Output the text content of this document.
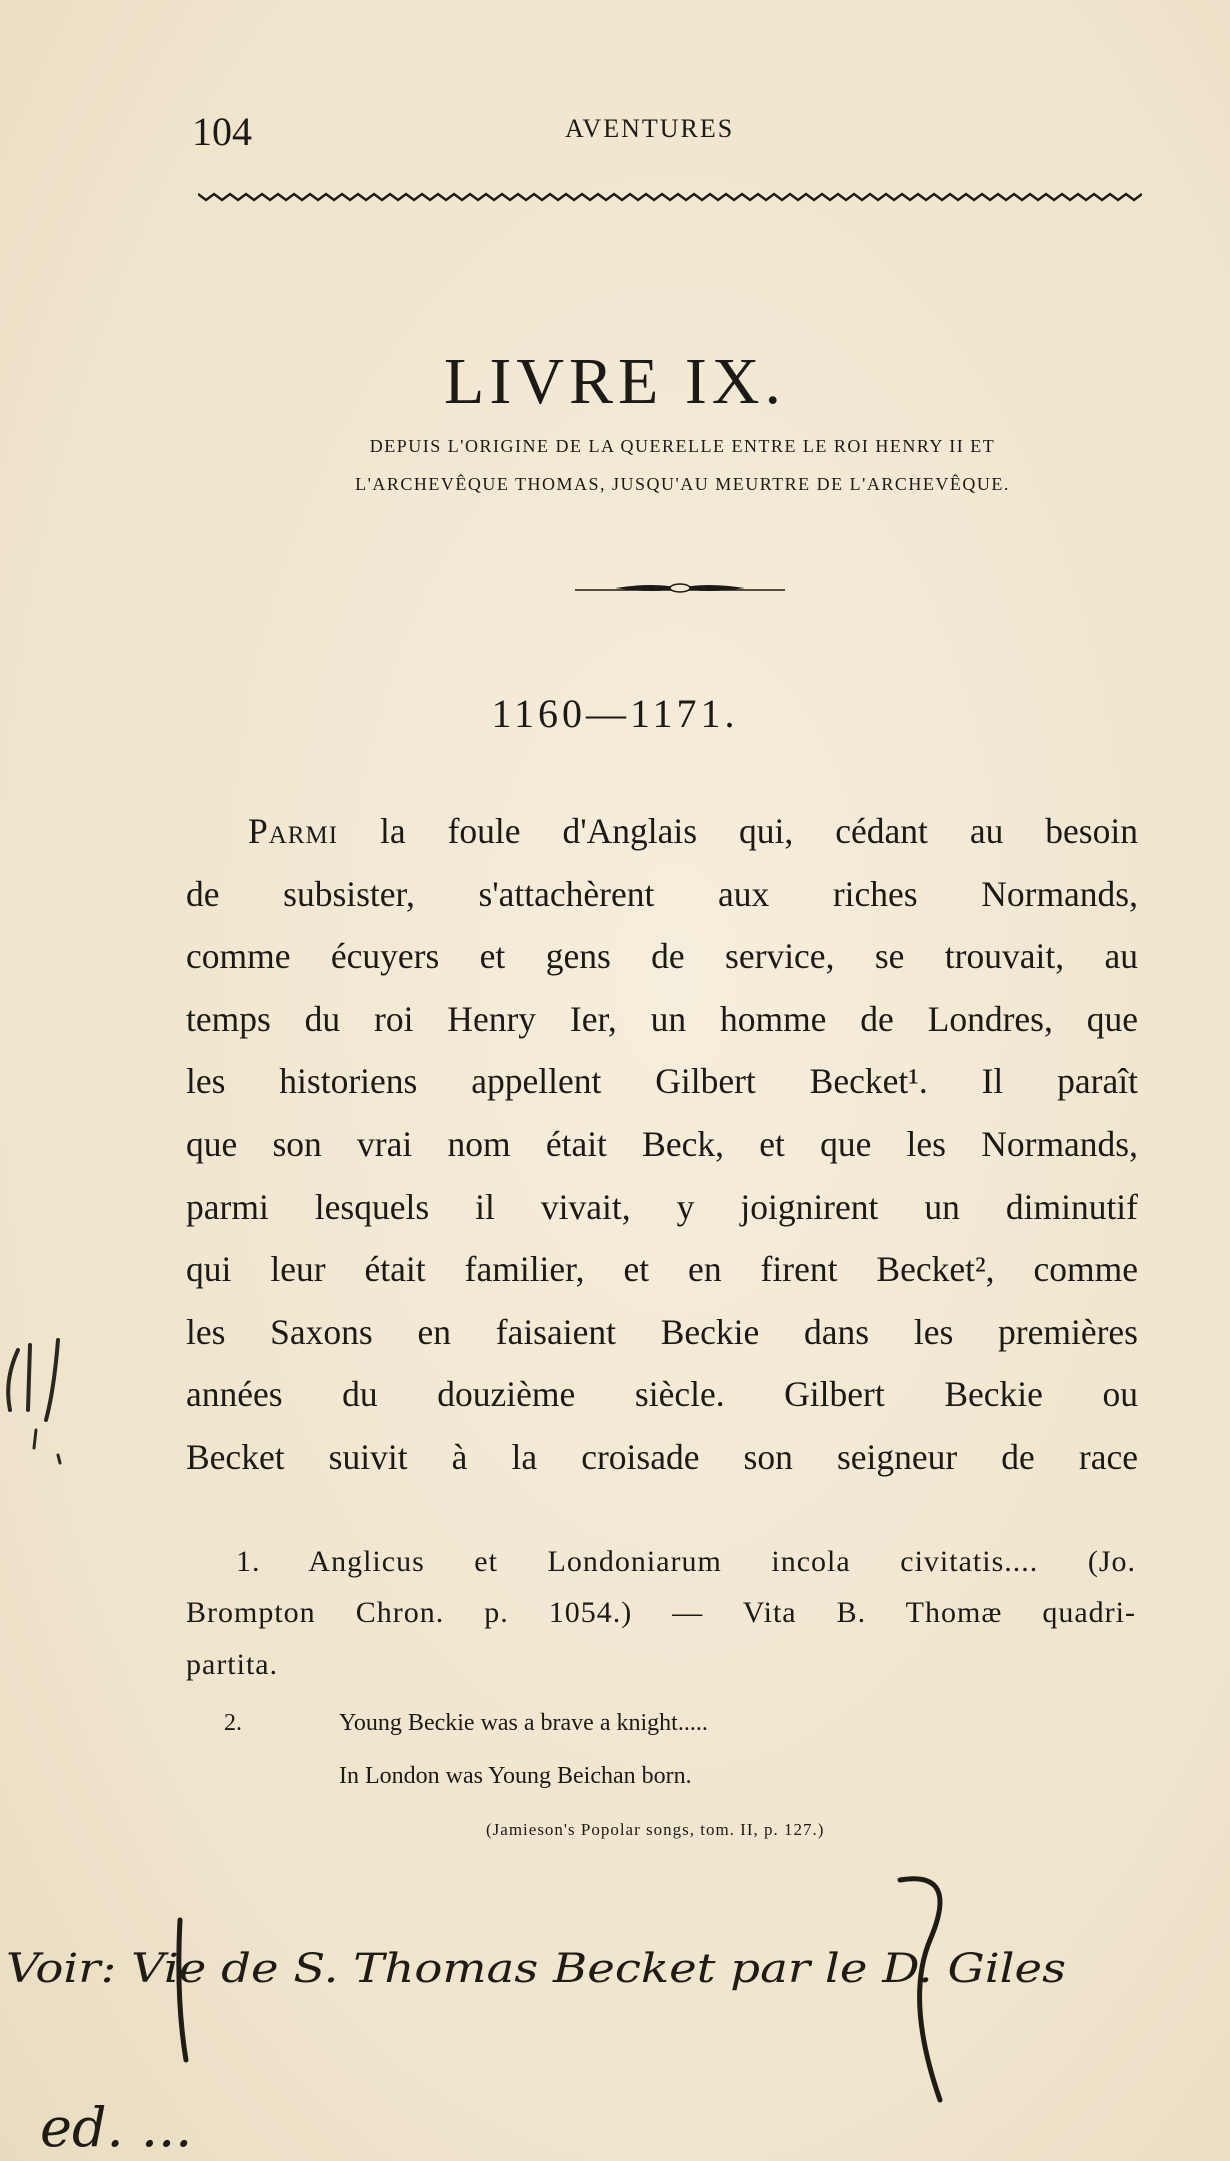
104	AVENTURES
LIVRE IX.
DEPUIS L'ORIGINE DE LA QUERELLE ENTRE LE ROI HENRY II ET
L'ARCHEVÊQUE THOMAS, JUSQU'AU MEURTRE DE L'ARCHEVÊQUE.
1160—1171.
Parmi la foule d'Anglais qui, cédant au besoin
de subsister, s'attachèrent aux riches Normands,
comme écuyers et gens de service, se trouvait, au
temps du roi Henry Ier, un homme de Londres, que
les historiens appellent Gilbert Becket¹. Il paraît
que son vrai nom était Beck, et que les Normands,
parmi lesquels il vivait, y joignirent un diminutif
qui leur était familier, et en firent Becket², comme
les Saxons en faisaient Beckie dans les premières
années du douzième siècle. Gilbert Beckie ou
Becket suivit à la croisade son seigneur de race
1. Anglicus et Londoniarum incola civitatis.... (Jo.
Brompton Chron. p. 1054.) — Vita B. Thomæ quadri-
partita.
2.	Young Beckie was a brave a knight.....
In London was Young Beichan born.
(Jamieson's Popolar songs, tom. II, p. 127.)
Voir: Vie de S. Thomas Becket par le D. Giles
ed. ...
